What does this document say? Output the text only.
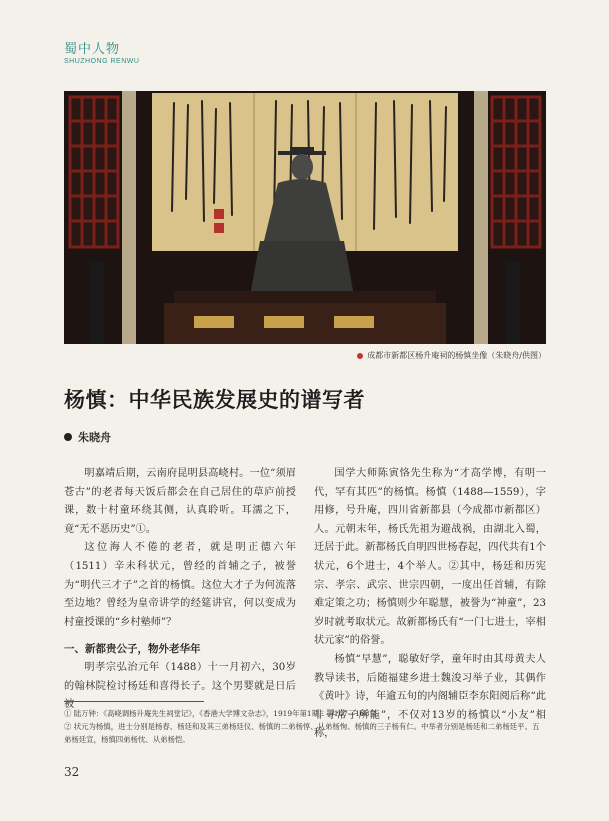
蜀中人物
SHUZHONG RENWU
成都市新都区杨升庵祠的杨慎坐像（朱晓舟/供图）
杨慎：中华民族发展史的谱写者
朱晓舟

明嘉靖后期，云南府昆明县高峣村。一位“须眉苍古”的老者每天饭后都会在自己居住的草庐前授课，数十村童环绕其侧，认真聆听。耳濡之下，竟“无不恶历史”①。

这位海人不倦的老者，就是明正德六年（1511）辛未科状元，曾经的首辅之子，被誉为“明代三才子”之首的杨慎。这位大才子为何流落至边地？曾经为皇帝讲学的经筵讲官，何以变成为村童授课的“乡村塾师”？

一、新都贵公子，物外老华年

明孝宗弘治元年（1488）十一月初六，30岁的翰林院检讨杨廷和喜得长子。这个男婴就是日后被

国学大师陈寅恪先生称为“才高学博，有明一代，罕有其匹”的杨慎。杨慎（1488—1559），字用修，号升庵，四川省新都县（今成都市新都区）人。元朝末年，杨氏先祖为避战祸，由湖北入蜀，迁居于此。新都杨氏自明四世杨春起，四代共有1个状元，6个进士，4个举人。②其中，杨廷和历宪宗、孝宗、武宗、世宗四朝，一度出任首辅，有除难定策之功；杨慎则少年聪慧，被誉为“神童”，23岁时就考取状元。故新都杨氏有“一门七进士，宰相状元家”的俗誉。

杨慎“早慧”，聪敏好学，童年时由其母黄夫人教导读书，后随福建乡进士魏浚习举子业，其偶作《黄叶》诗，年逾五旬的内阁辅臣李东阳阅后称“此非寻常子所能”，不仅对13岁的杨慎以“小友”相称，

① 陆万钟：《高峣调杨升庵先生祠堂记》，《香港大学博文杂志》，1919年第1期，第167—168页。
② 状元为杨慎，进士分别是杨春、杨廷和及其三弟杨廷仪、杨慎的二弟杨惇、从弟杨恂、杨慎的三子杨有仁。中举者分别是杨廷和二弟杨廷平、五弟杨廷宣，杨慎四弟杨忱、从弟杨恺。
32
